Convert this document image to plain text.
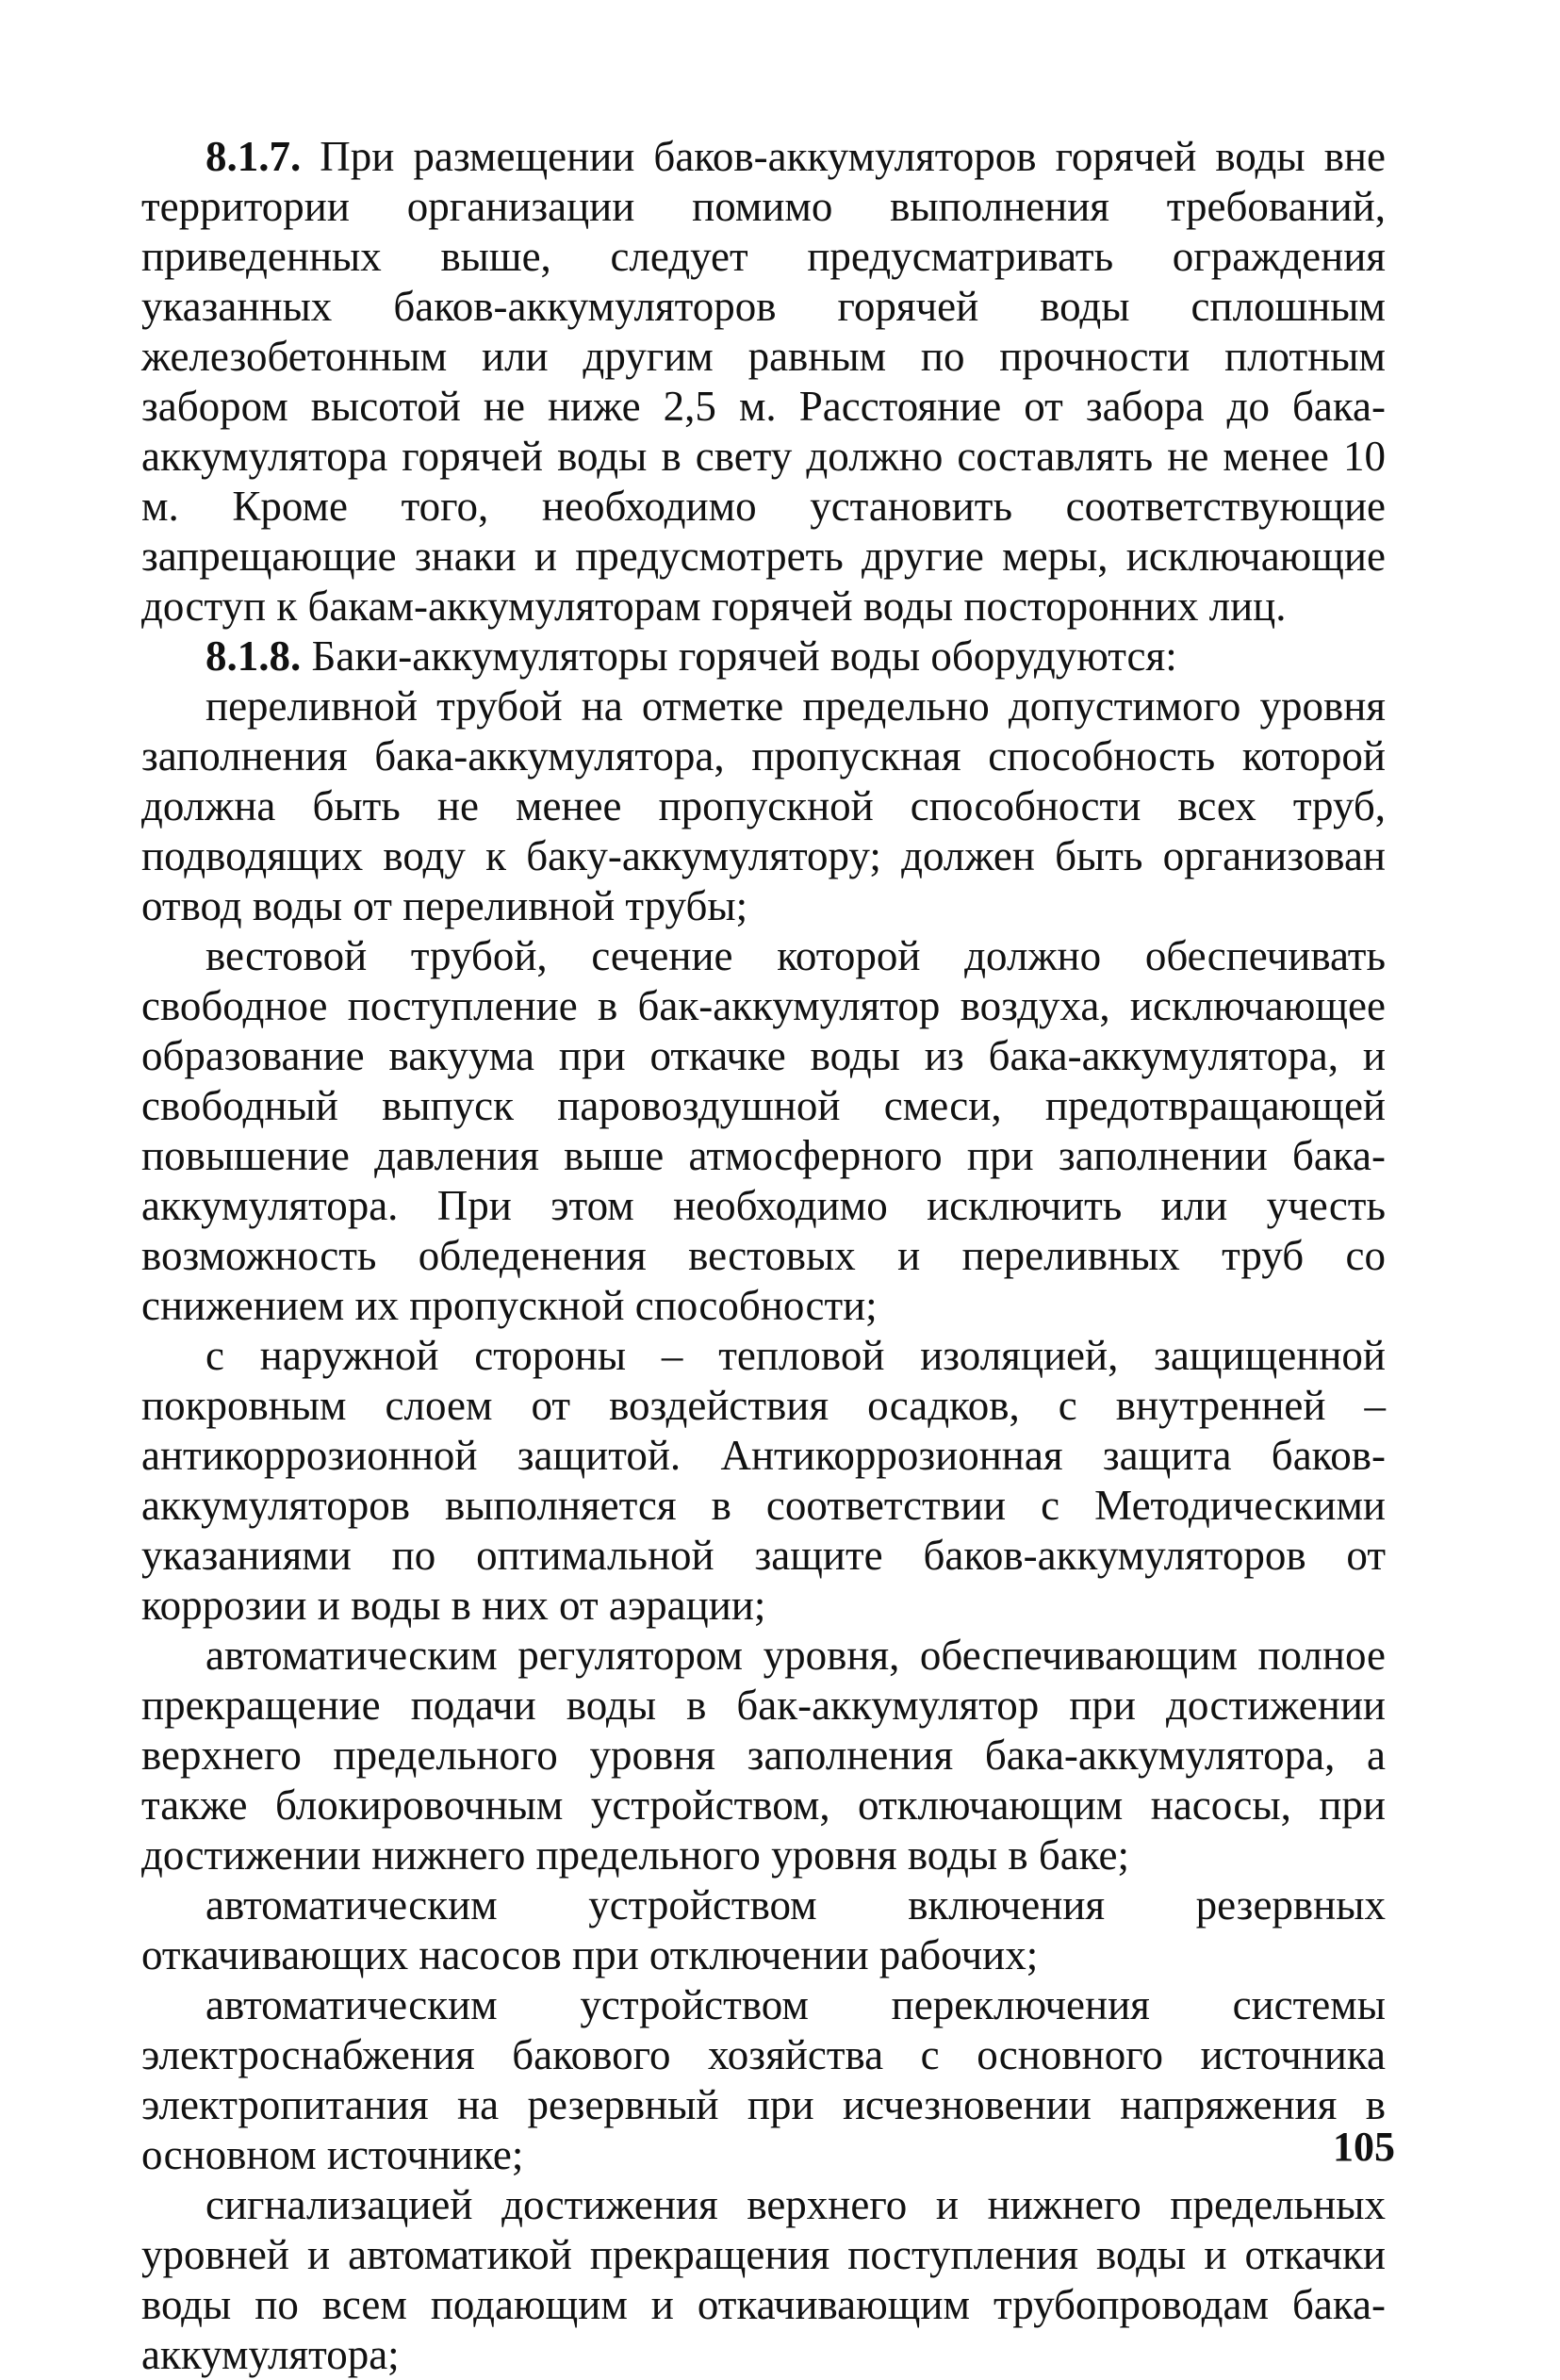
8.1.7. При размещении баков-аккумуляторов горячей воды вне территории организации помимо выполнения требований, приведенных выше, следует предусматривать ограждения указанных баков-аккумуляторов горячей воды сплошным железобетонным или другим равным по прочности плотным забором высотой не ниже 2,5 м. Расстояние от забора до бака-аккумулятора горячей воды в свету должно составлять не менее 10 м. Кроме того, необходимо установить соответствующие запрещающие знаки и предусмотреть другие меры, исключающие доступ к бакам-аккумуляторам горячей воды посторонних лиц.

8.1.8. Баки-аккумуляторы горячей воды оборудуются:

переливной трубой на отметке предельно допустимого уровня заполнения бака-аккумулятора, пропускная способность которой должна быть не менее пропускной способности всех труб, подводящих воду к баку-аккумулятору; должен быть организован отвод воды от переливной трубы;

вестовой трубой, сечение которой должно обеспечивать свободное поступление в бак-аккумулятор воздуха, исключающее образование вакуума при откачке воды из бака-аккумулятора, и свободный выпуск паровоздушной смеси, предотвращающей повышение давления выше атмосферного при заполнении бака-аккумулятора. При этом необходимо исключить или учесть возможность обледенения вестовых и переливных труб со снижением их пропускной способности;

с наружной стороны – тепловой изоляцией, защищенной покровным слоем от воздействия осадков, с внутренней – антикоррозионной защитой. Антикоррозионная защита баков-аккумуляторов выполняется в соответствии с Методическими указаниями по оптимальной защите баков-аккумуляторов от коррозии и воды в них от аэрации;

автоматическим регулятором уровня, обеспечивающим полное прекращение подачи воды в бак-аккумулятор при достижении верхнего предельного уровня заполнения бака-аккумулятора, а также блокировочным устройством, отключающим насосы, при достижении нижнего предельного уровня воды в баке;

автоматическим устройством включения резервных откачивающих насосов при отключении рабочих;

автоматическим устройством переключения системы электроснабжения бакового хозяйства с основного источника электропитания на резервный при исчезновении напряжения в основном источнике;

сигнализацией достижения верхнего и нижнего предельных уровней и автоматикой прекращения поступления воды и откачки воды по всем подающим и откачивающим трубопроводам бака-аккумулятора;

105
